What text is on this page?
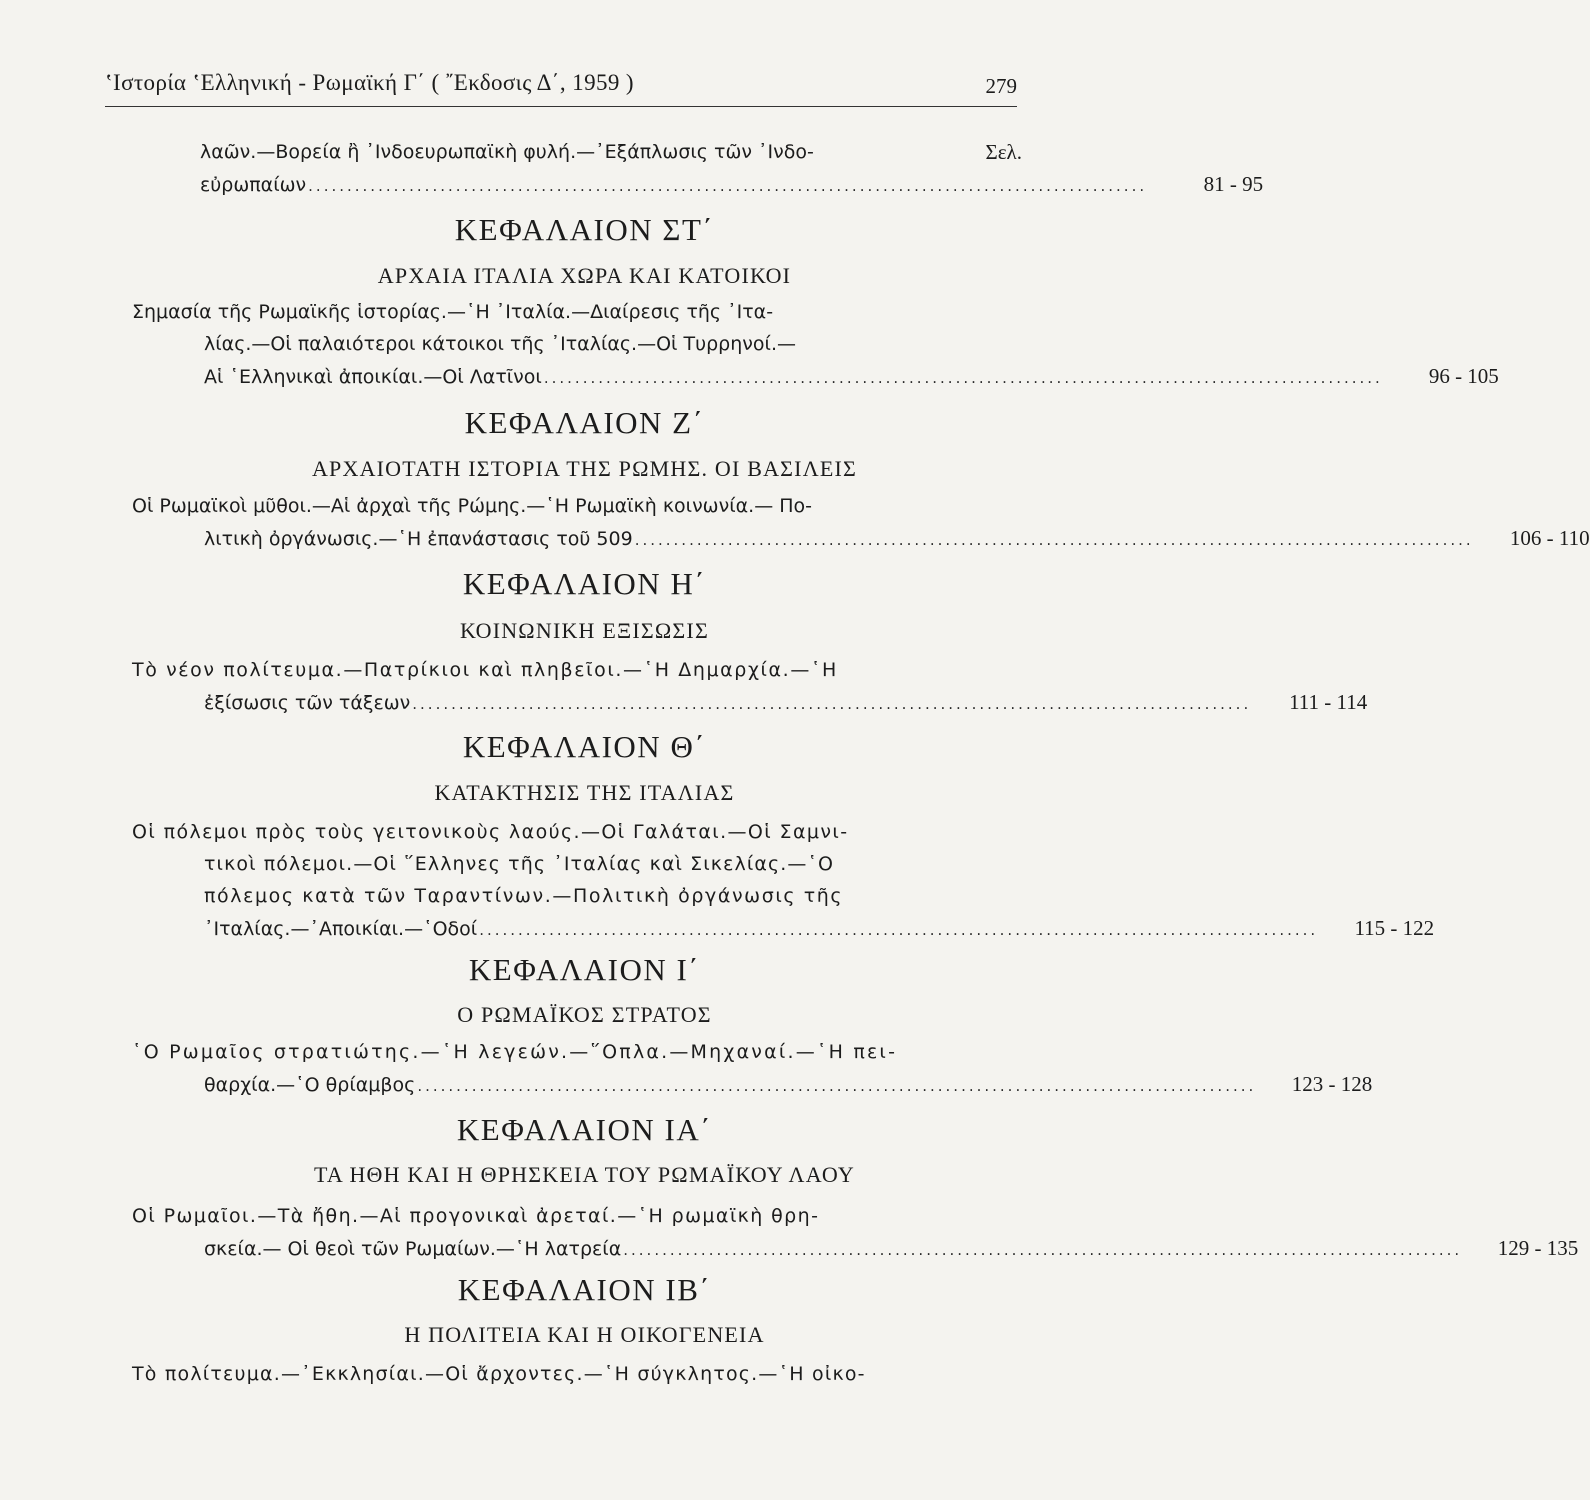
ʽΙστορία ʽΕλληνική - Ρωμαϊκή Γ΄ ( ῎Εκδοσις Δ΄, 1959 )	279
λαῶν.—Βορεία ἢ ᾿Ινδοευρωπαϊκὴ φυλή.—᾿Εξάπλωσις τῶν ᾿Ινδο-	Σελ.
εὐρωπαίων ............................................................................................................	81 - 95
ΚΕΦΑΛΑΙΟΝ ΣΤ΄
ΑΡΧΑΙΑ ΙΤΑΛΙΑ ΧΩΡΑ ΚΑΙ ΚΑΤΟΙΚΟΙ
Σημασία τῆς Ρωμαϊκῆς ἱστορίας.—῾Η ᾿Ιταλία.—Διαίρεσις τῆς ᾿Ιτα-
λίας.—Οἱ παλαιότεροι κάτοικοι τῆς ᾿Ιταλίας.—Οἱ Τυρρηνοί.—
Αἱ ῾Ελληνικαὶ ἀποικίαι.—Οἱ Λατῖνοι ............................................................................................................	96 - 105
ΚΕΦΑΛΑΙΟΝ Ζ΄
ΑΡΧΑΙΟΤΑΤΗ ΙΣΤΟΡΙΑ ΤΗΣ ΡΩΜΗΣ. ΟΙ ΒΑΣΙΛΕΙΣ
Οἱ Ρωμαϊκοὶ μῦθοι.—Αἱ ἀρχαὶ τῆς Ρώμης.—῾Η Ρωμαϊκὴ κοινωνία.— Πο-
λιτικὴ ὀργάνωσις.—῾Η ἐπανάστασις τοῦ 509 ............................................................................................................	106 - 110
ΚΕΦΑΛΑΙΟΝ Η΄
ΚΟΙΝΩΝΙΚΗ ΕΞΙΣΩΣΙΣ
Τὸ νέον πολίτευμα.—Πατρίκιοι καὶ πληβεῖοι.—῾Η Δημαρχία.—῾Η
ἐξίσωσις τῶν τάξεων ............................................................................................................	111 - 114
ΚΕΦΑΛΑΙΟΝ Θ΄
ΚΑΤΑΚΤΗΣΙΣ ΤΗΣ ΙΤΑΛΙΑΣ
Οἱ πόλεμοι πρὸς τοὺς γειτονικοὺς λαούς.—Οἱ Γαλάται.—Οἱ Σαμνι-
τικοὶ πόλεμοι.—Οἱ ῞Ελληνες τῆς ᾿Ιταλίας καὶ Σικελίας.—῾Ο
πόλεμος κατὰ τῶν Ταραντίνων.—Πολιτικὴ ὀργάνωσις τῆς
᾿Ιταλίας.—᾿Αποικίαι.—῾Οδοί ............................................................................................................	115 - 122
ΚΕΦΑΛΑΙΟΝ Ι΄
Ο ΡΩΜΑΪΚΟΣ ΣΤΡΑΤΟΣ
῾Ο Ρωμαῖος στρατιώτης.—῾Η λεγεών.—῞Οπλα.—Μηχαναί.—῾Η πει-
θαρχία.—῾Ο θρίαμβος ............................................................................................................	123 - 128
ΚΕΦΑΛΑΙΟΝ ΙΑ΄
ΤΑ ΗΘΗ ΚΑΙ Η ΘΡΗΣΚΕΙΑ ΤΟΥ ΡΩΜΑΪΚΟΥ ΛΑΟΥ
Οἱ Ρωμαῖοι.—Τὰ ἤθη.—Αἱ προγονικαὶ ἀρεταί.—῾Η ρωμαϊκὴ θρη-
σκεία.— Οἱ θεοὶ τῶν Ρωμαίων.—῾Η λατρεία ............................................................................................................	129 - 135
ΚΕΦΑΛΑΙΟΝ ΙΒ΄
Η ΠΟΛΙΤΕΙΑ ΚΑΙ Η ΟΙΚΟΓΕΝΕΙΑ
Τὸ πολίτευμα.—᾿Εκκλησίαι.—Οἱ ἄρχοντες.—῾Η σύγκλητος.—῾Η οἰκο-
